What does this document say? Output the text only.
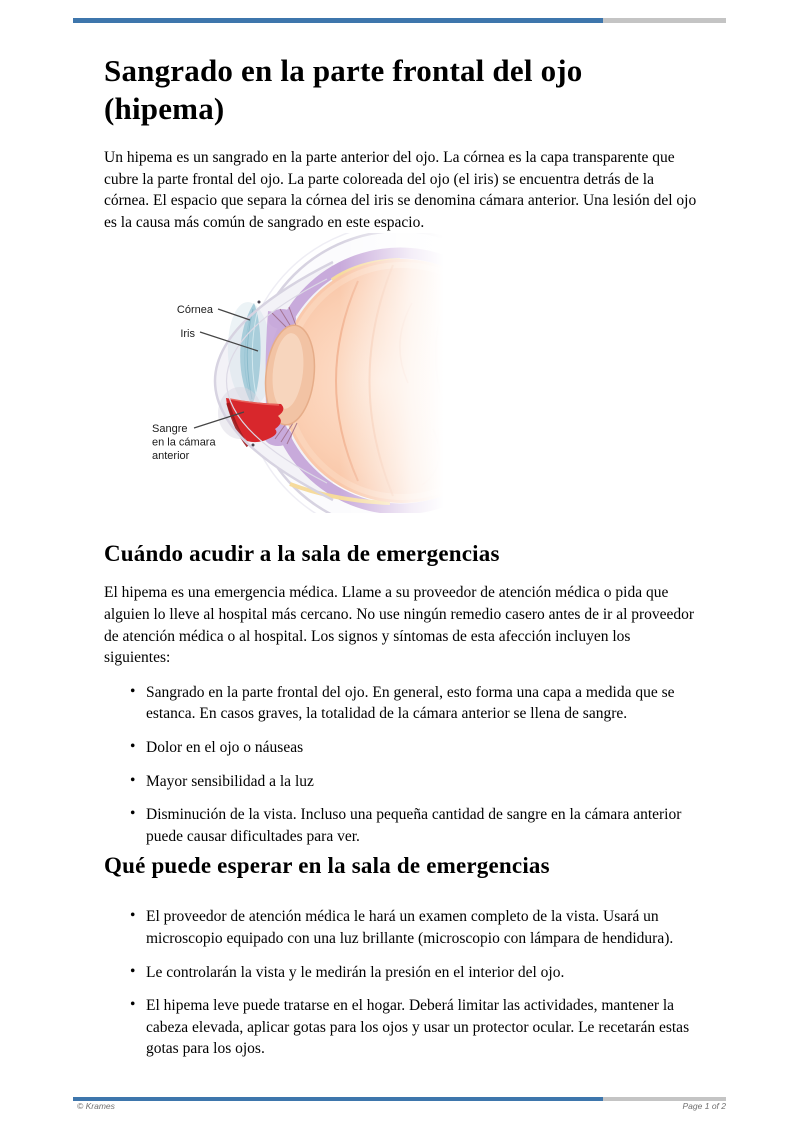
Sangrado en la parte frontal del ojo (hipema)

Un hipema es un sangrado en la parte anterior del ojo. La córnea es la capa transparente que cubre la parte frontal del ojo. La parte coloreada del ojo (el iris) se encuentra detrás de la córnea. El espacio que separa la córnea del iris se denomina cámara anterior. Una lesión del ojo es la causa más común de sangrado en este espacio.

Córnea
Iris
Sangre
en la cámara
anterior
Cuándo acudir a la sala de emergencias

El hipema es una emergencia médica. Llame a su proveedor de atención médica o pida que alguien lo lleve al hospital más cercano. No use ningún remedio casero antes de ir al proveedor de atención médica o al hospital. Los signos y síntomas de esta afección incluyen los siguientes:

• Sangrado en la parte frontal del ojo. En general, esto forma una capa a medida que se estanca. En casos graves, la totalidad de la cámara anterior se llena de sangre.
• Dolor en el ojo o náuseas
• Mayor sensibilidad a la luz
• Disminución de la vista. Incluso una pequeña cantidad de sangre en la cámara anterior puede causar dificultades para ver.
Qué puede esperar en la sala de emergencias
• El proveedor de atención médica le hará un examen completo de la vista. Usará un microscopio equipado con una luz brillante (microscopio con lámpara de hendidura).
• Le controlarán la vista y le medirán la presión en el interior del ojo.
• El hipema leve puede tratarse en el hogar. Deberá limitar las actividades, mantener la cabeza elevada, aplicar gotas para los ojos y usar un protector ocular. Le recetarán estas gotas para los ojos.
© Krames	Page 1 of 2
